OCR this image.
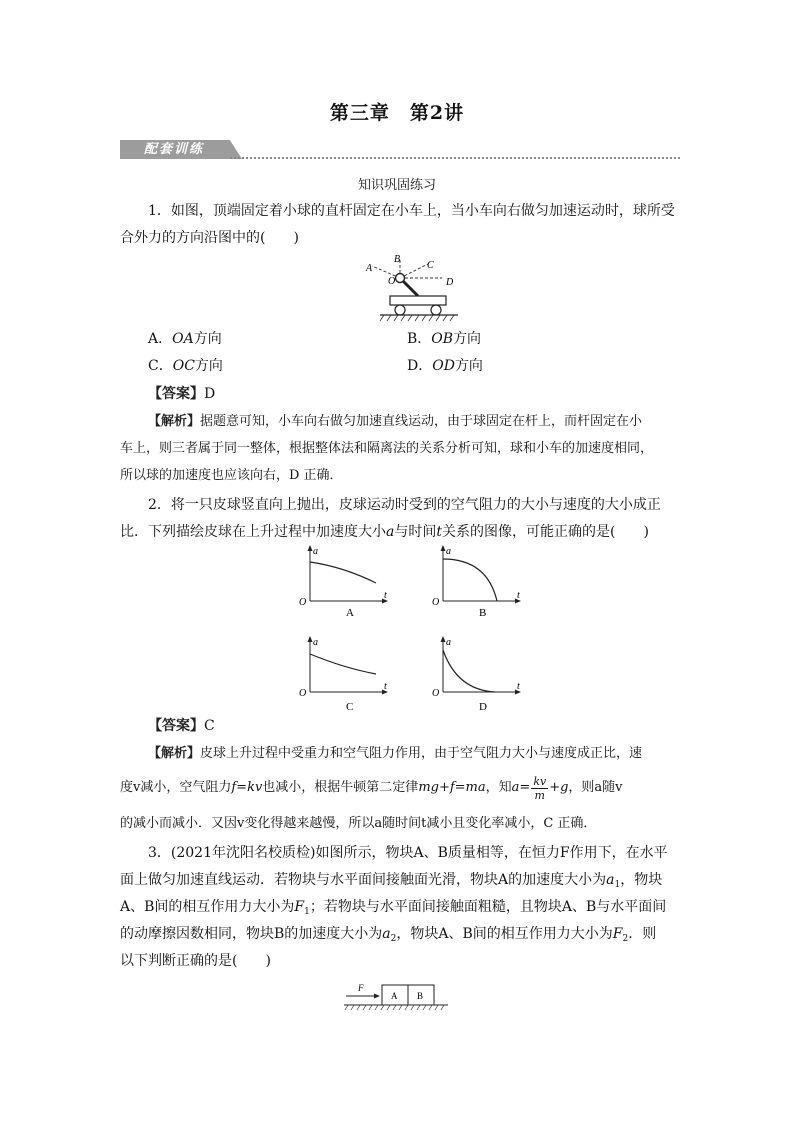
第三章　第2讲
配套训练
知识巩固练习
1．如图，顶端固定着小球的直杆固定在小车上，当小车向右做匀加速运动时，球所受
合外力的方向沿图中的(　　)
A
B
C
D
O
A．OA方向	B．OB方向
C．OC方向	D．OD方向
【答案】D
【解析】据题意可知，小车向右做匀加速直线运动，由于球固定在杆上，而杆固定在小
车上，则三者属于同一整体，根据整体法和隔离法的关系分析可知，球和小车的加速度相同，
所以球的加速度也应该向右，D 正确．
2．将一只皮球竖直向上抛出，皮球运动时受到的空气阻力的大小与速度的大小成正
比．下列描绘皮球在上升过程中加速度大小a与时间t关系的图像，可能正确的是(　　)
a
t
O
A
a
t
O
B
a
t
O
C
a
t
O
D
【答案】C
【解析】皮球上升过程中受重力和空气阻力作用，由于空气阻力大小与速度成正比，速
度v减小，空气阻力 f=kv 也减小，根据牛顿第二定律 mg+f=ma ，知 $a= \frac{kv}{m} +g$ ，则a随v
的减小而减小．又因v变化得越来越慢，所以a随时间t减小且变化率减小，C 正确．
3．(2021年沈阳名校质检)如图所示，物块A、B质量相等，在恒力F作用下，在水平
面上做匀加速直线运动．若物块与水平面间接触面光滑，物块A的加速度大小为$a_1$，物块
A、B间的相互作用力大小为$F_1$；若物块与水平面间接触面粗糙，且物块A、B与水平面间
的动摩擦因数相同，物块B的加速度大小为$a_2$，物块A、B间的相互作用力大小为$F_2$．则
以下判断正确的是(　　)
F
A B
